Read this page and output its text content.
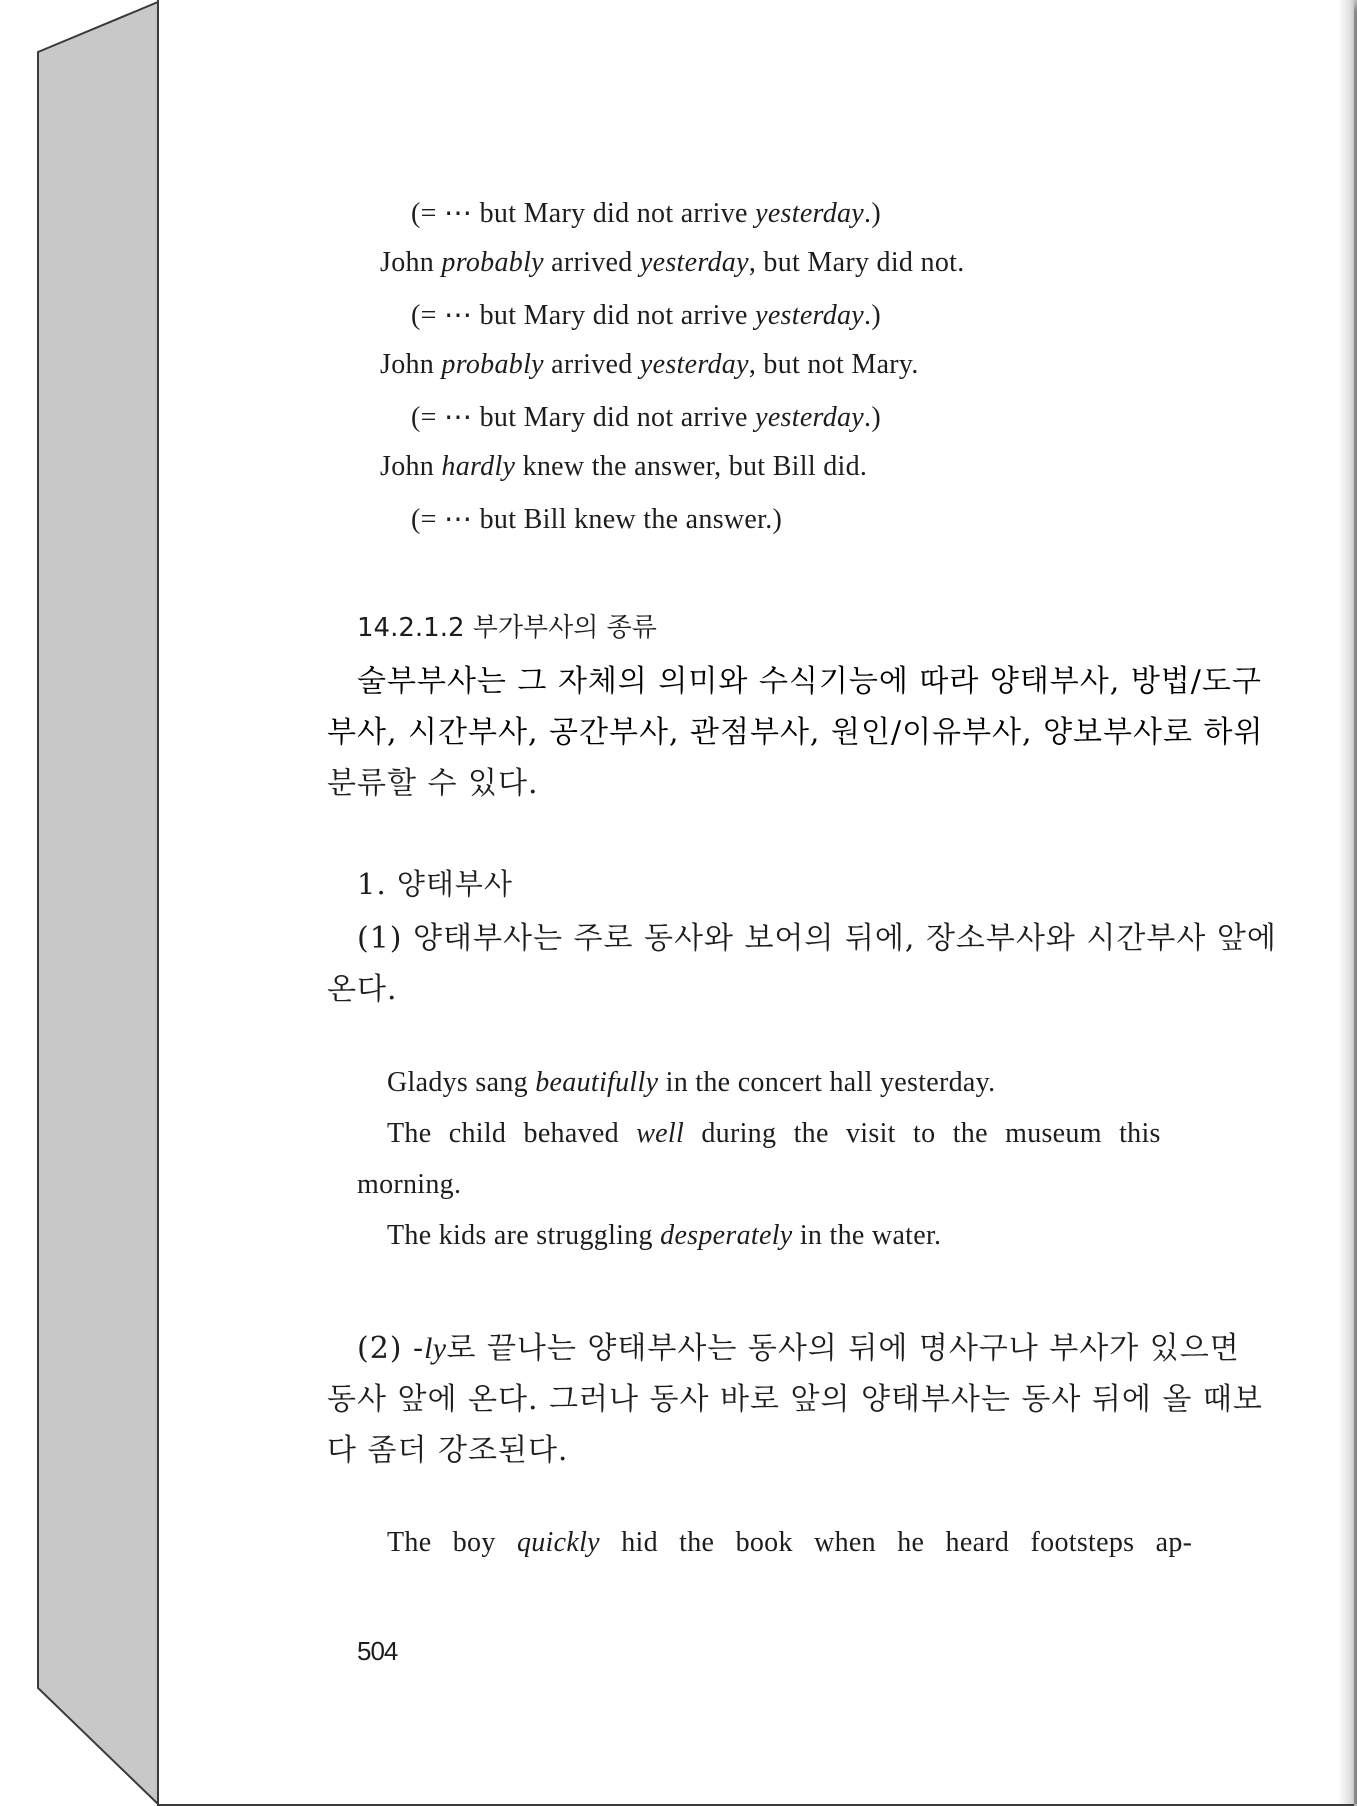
(= ⋯ but Mary did not arrive yesterday.)
John probably arrived yesterday, but Mary did not.
(= ⋯ but Mary did not arrive yesterday.)
John probably arrived yesterday, but not Mary.
(= ⋯ but Mary did not arrive yesterday.)
John hardly knew the answer, but Bill did.
(= ⋯ but Bill knew the answer.)
14.2.1.2 부가부사의 종류
술부부사는 그 자체의 의미와 수식기능에 따라 양태부사, 방법/도구
부사, 시간부사, 공간부사, 관점부사, 원인/이유부사, 양보부사로 하위
분류할 수 있다.
1. 양태부사
(1) 양태부사는 주로 동사와 보어의 뒤에, 장소부사와 시간부사 앞에
온다.
Gladys sang beautifully in the concert hall yesterday.
The child behaved well during the visit to the museum this
morning.
The kids are struggling desperately in the water.
(2) -ly로 끝나는 양태부사는 동사의 뒤에 명사구나 부사가 있으면
동사 앞에 온다. 그러나 동사 바로 앞의 양태부사는 동사 뒤에 올 때보
다 좀더 강조된다.
The boy quickly hid the book when he heard footsteps ap-
504
